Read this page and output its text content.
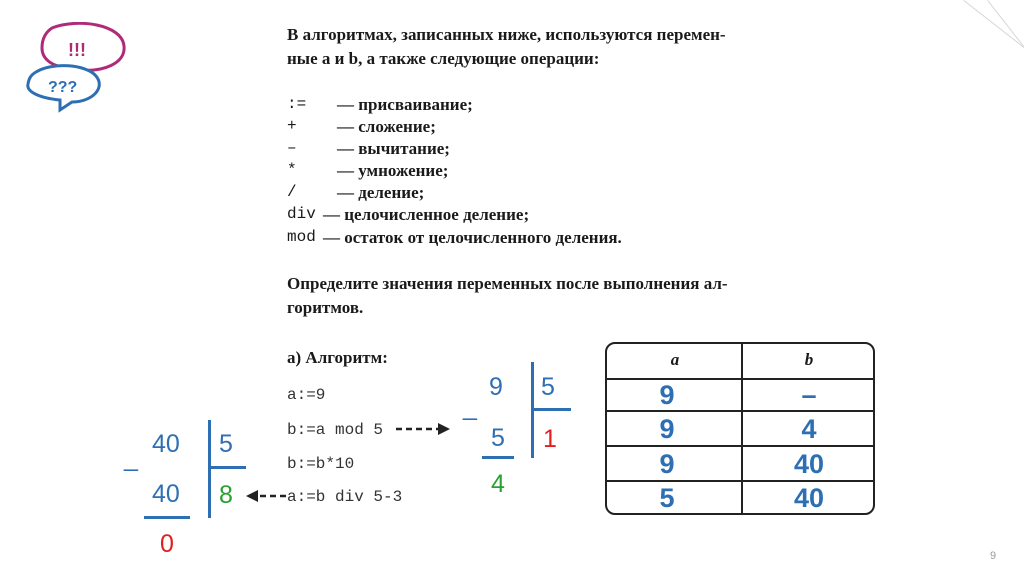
!!!
???
В алгоритмах, записанных ниже, используются перемен-
ные a и b, а также следующие операции:
:= — присваивание;
+ — сложение;
– — вычитание;
* — умножение;
/ — деление;
div — целочисленное деление;
mod — остаток от целочисленного деления.
Определите значения переменных после выполнения ал-
горитмов.
а) Алгоритм:
a:=9
b:=a mod 5
b:=b*10
a:=b div 5-3
_ 40 5
40 8
0
_
9 5
5 1
4
a	b
9	–
9	4
9	40
5	40
9
